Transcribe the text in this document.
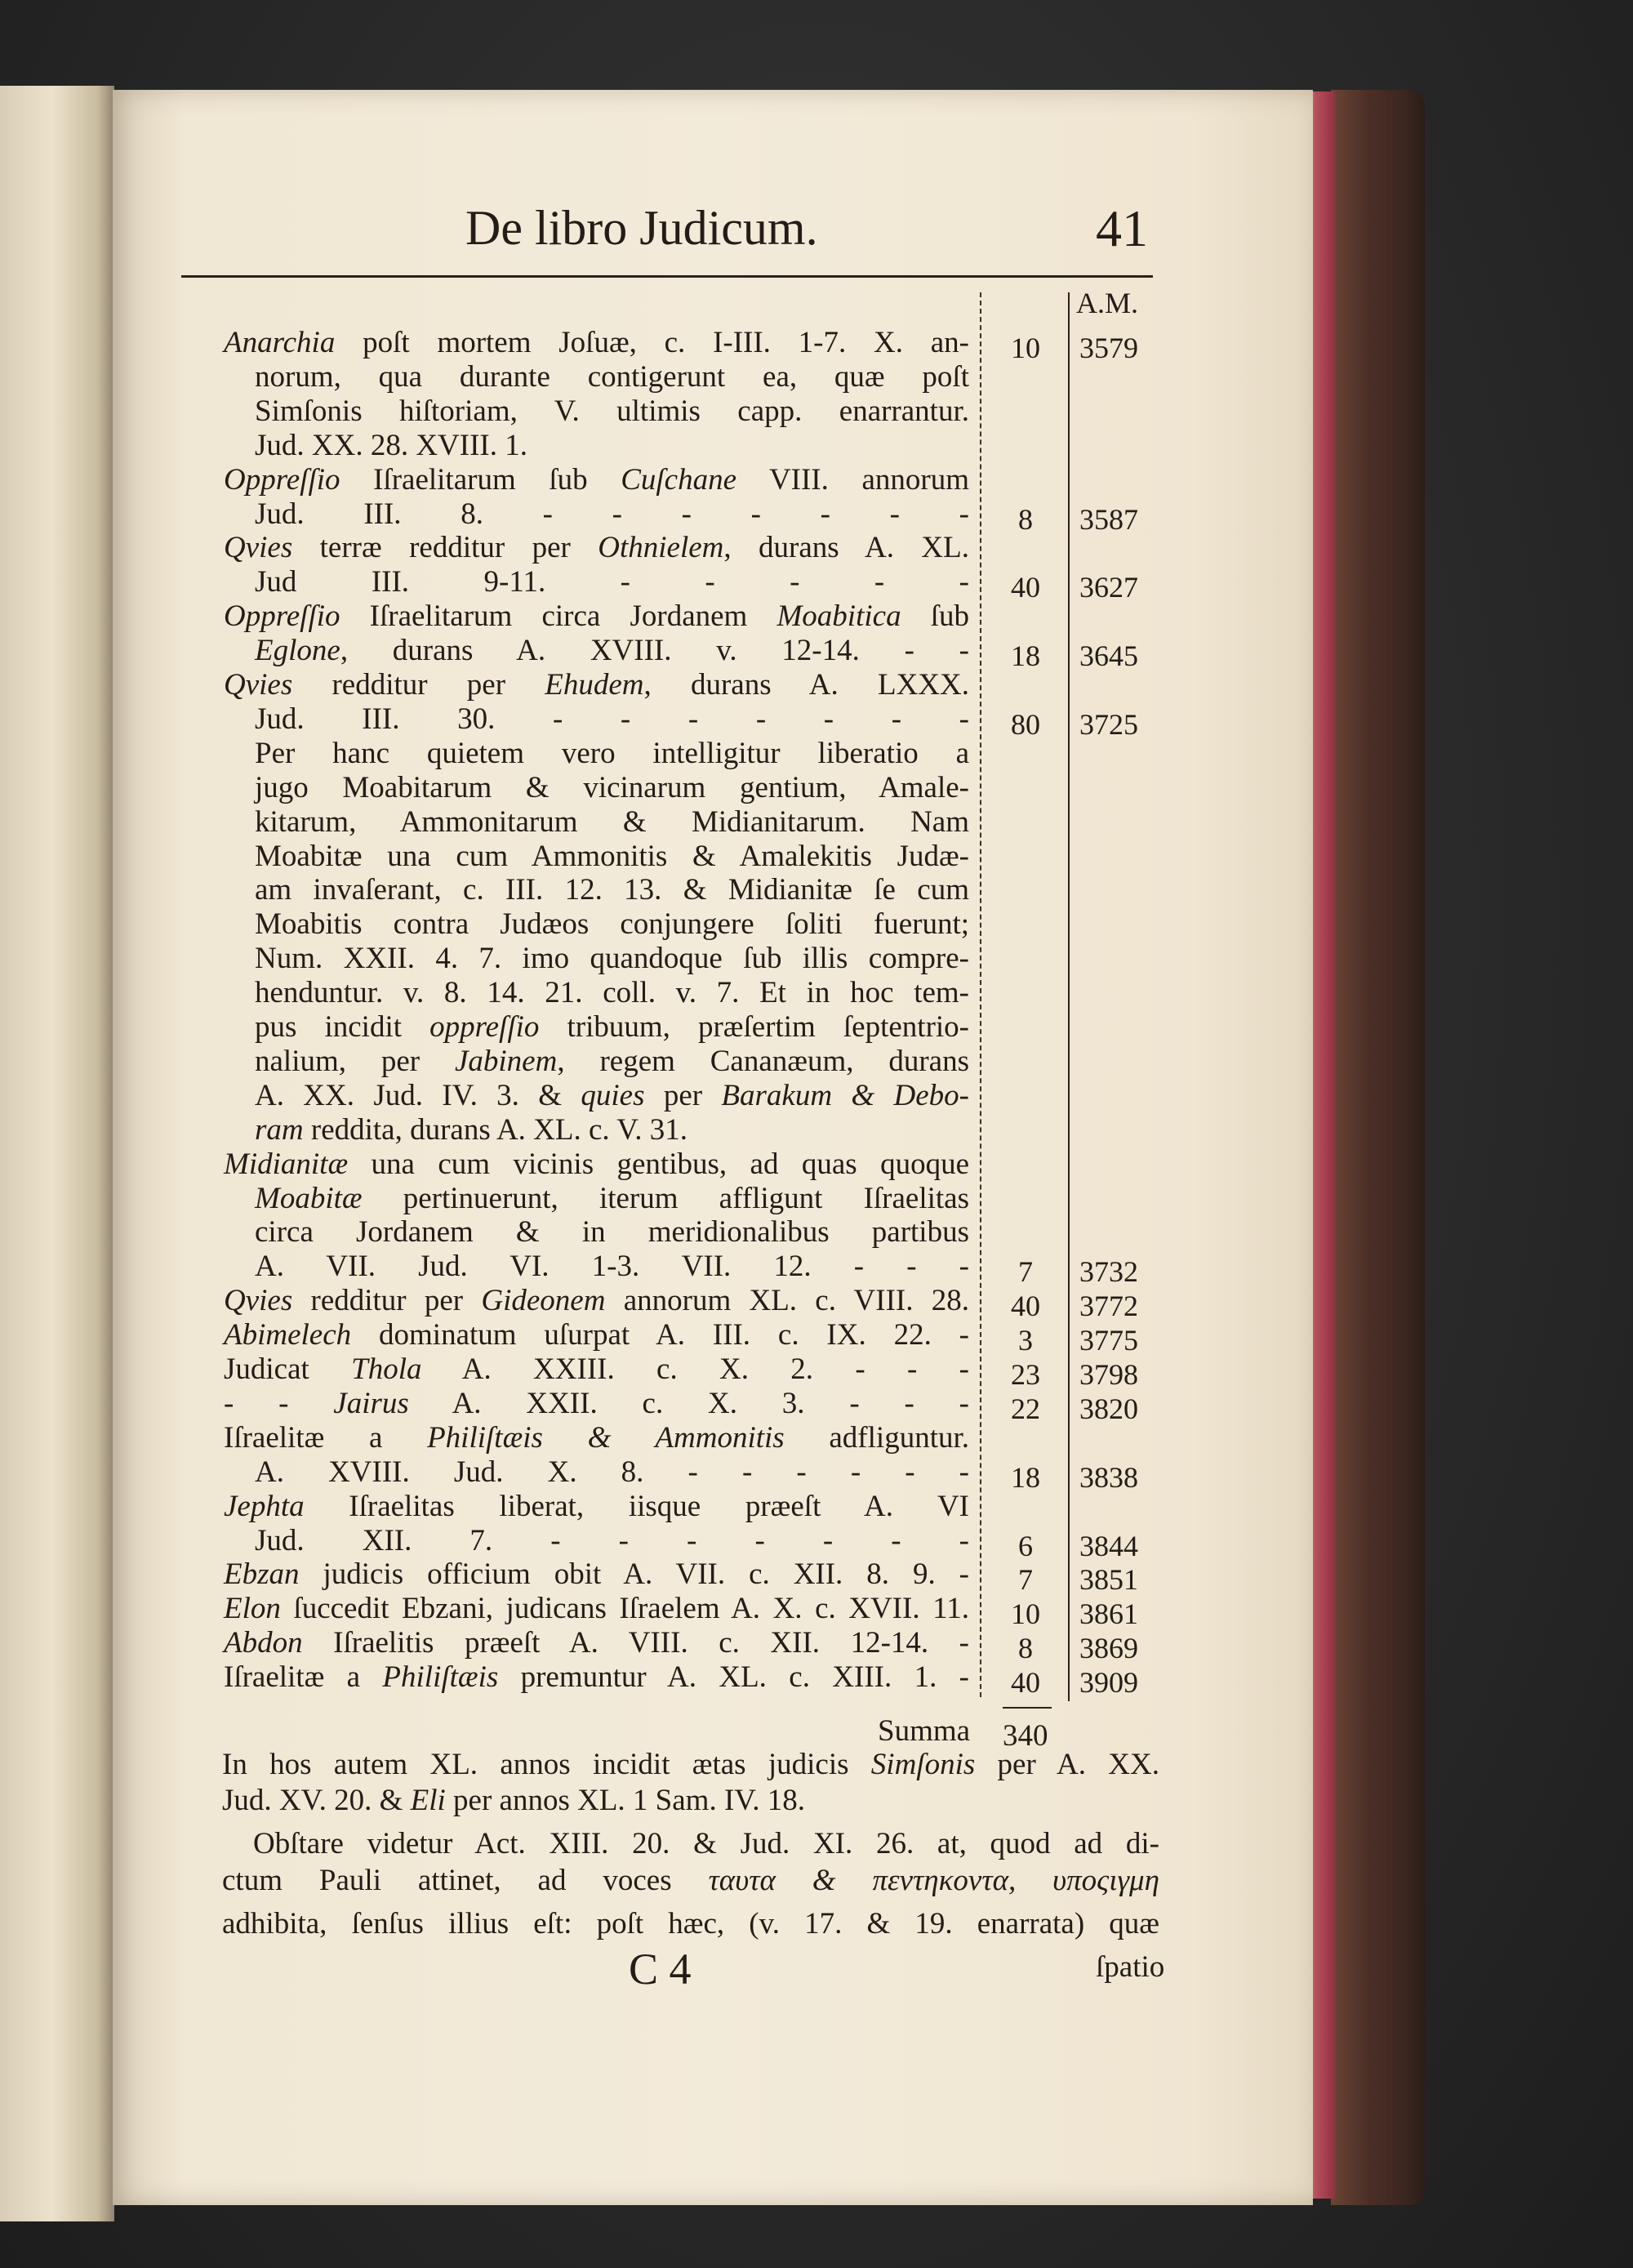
De libro Judicum.	41
A.M.
Anarchia poſt mortem Joſuæ, c. I-III. 1-7. X. an-	10	3579
norum, qua durante contigerunt ea, quæ poſt
Simſonis hiſtoriam, V. ultimis capp. enarrantur.
Jud. XX. 28. XVIII. 1.
Oppreſſio Iſraelitarum ſub Cuſchane VIII. annorum
Jud. III. 8. - - - - - - -	8	3587
Qvies terræ redditur per Othnielem, durans A. XL.
Jud III. 9-11. - - - - -	40	3627
Oppreſſio Iſraelitarum circa Jordanem Moabitica ſub
Eglone, durans A. XVIII. v. 12-14. - -	18	3645
Qvies redditur per Ehudem, durans A. LXXX.
Jud. III. 30. - - - - - - -	80	3725
Per hanc quietem vero intelligitur liberatio a
jugo Moabitarum & vicinarum gentium, Amale-
kitarum, Ammonitarum & Midianitarum. Nam
Moabitæ una cum Ammonitis & Amalekitis Judæ-
am invaſerant, c. III. 12. 13. & Midianitæ ſe cum
Moabitis contra Judæos conjungere ſoliti fuerunt;
Num. XXII. 4. 7. imo quandoque ſub illis compre-
henduntur. v. 8. 14. 21. coll. v. 7. Et in hoc tem-
pus incidit oppreſſio tribuum, præſertim ſeptentrio-
nalium, per Jabinem, regem Cananæum, durans
A. XX. Jud. IV. 3. & quies per Barakum & Debo-
ram reddita, durans A. XL. c. V. 31.
Midianitæ una cum vicinis gentibus, ad quas quoque
Moabitæ pertinuerunt, iterum affligunt Iſraelitas
circa Jordanem & in meridionalibus partibus
A. VII. Jud. VI. 1-3. VII. 12. - - -	7	3732
Qvies redditur per Gideonem annorum XL. c. VIII. 28.	40	3772
Abimelech dominatum uſurpat A. III. c. IX. 22. -	3	3775
Judicat Thola A. XXIII. c. X. 2. - - -	23	3798
- - Jairus A. XXII. c. X. 3. - - -	22	3820
Iſraelitæ a Philiſtæis & Ammonitis adfliguntur.
A. XVIII. Jud. X. 8. - - - - - -	18	3838
Jephta Iſraelitas liberat, iisque præeſt A. VI
Jud. XII. 7. - - - - - - -	6	3844
Ebzan judicis officium obit A. VII. c. XII. 8. 9. -	7	3851
Elon ſuccedit Ebzani, judicans Iſraelem A. X. c. XVII. 11.	10	3861
Abdon Iſraelitis præeſt A. VIII. c. XII. 12-14. -	8	3869
Iſraelitæ a Philiſtæis premuntur A. XL. c. XIII. 1. -	40	3909
Summa 340
In hos autem XL. annos incidit ætas judicis Simſonis per A. XX.
Jud. XV. 20. & Eli per annos XL. 1 Sam. IV. 18.
Obſtare videtur Act. XIII. 20. & Jud. XI. 26. at, quod ad di-
ctum Pauli attinet, ad voces ταυτα & πεντηκοντα, υποςιγμη
adhibita, ſenſus illius eſt: poſt hæc, (v. 17. & 19. enarrata) quæ
C 4	ſpatio
